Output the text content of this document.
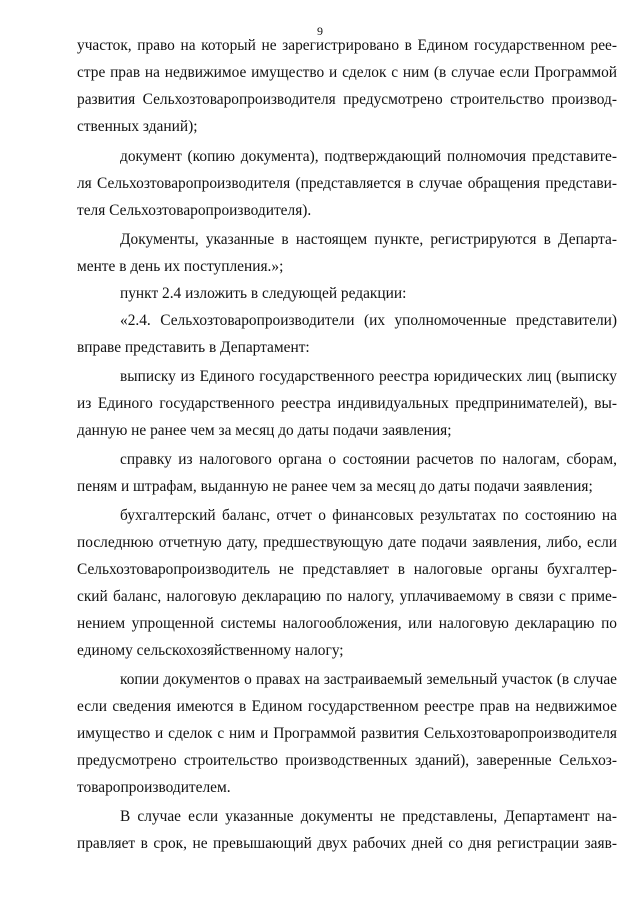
9
участок, право на который не зарегистрировано в Едином государственном рее-
стре прав на недвижимое имущество и сделок с ним (в случае если Программой
развития Сельхозтоваропроизводителя предусмотрено строительство производ-
ственных зданий);
документ (копию документа), подтверждающий полномочия представите-
ля Сельхозтоваропроизводителя (представляется в случае обращения представи-
теля Сельхозтоваропроизводителя).
Документы, указанные в настоящем пункте, регистрируются в Департа-
менте в день их поступления.»;
пункт 2.4 изложить в следующей редакции:
«2.4. Сельхозтоваропроизводители (их уполномоченные представители)
вправе представить в Департамент:
выписку из Единого государственного реестра юридических лиц (выписку
из Единого государственного реестра индивидуальных предпринимателей), вы-
данную не ранее чем за месяц до даты подачи заявления;
справку из налогового органа о состоянии расчетов по налогам, сборам,
пеням и штрафам, выданную не ранее чем за месяц до даты подачи заявления;
бухгалтерский баланс, отчет о финансовых результатах по состоянию на
последнюю отчетную дату, предшествующую дате подачи заявления, либо, если
Сельхозтоваропроизводитель не представляет в налоговые органы бухгалтер-
ский баланс, налоговую декларацию по налогу, уплачиваемому в связи с приме-
нением упрощенной системы налогообложения, или налоговую декларацию по
единому сельскохозяйственному налогу;
копии документов о правах на застраиваемый земельный участок (в случае
если сведения имеются в Едином государственном реестре прав на недвижимое
имущество и сделок с ним и Программой развития Сельхозтоваропроизводителя
предусмотрено строительство производственных зданий), заверенные Сельхоз-
товаропроизводителем.
В случае если указанные документы не представлены, Департамент на-
правляет в срок, не превышающий двух рабочих дней со дня регистрации заяв-
